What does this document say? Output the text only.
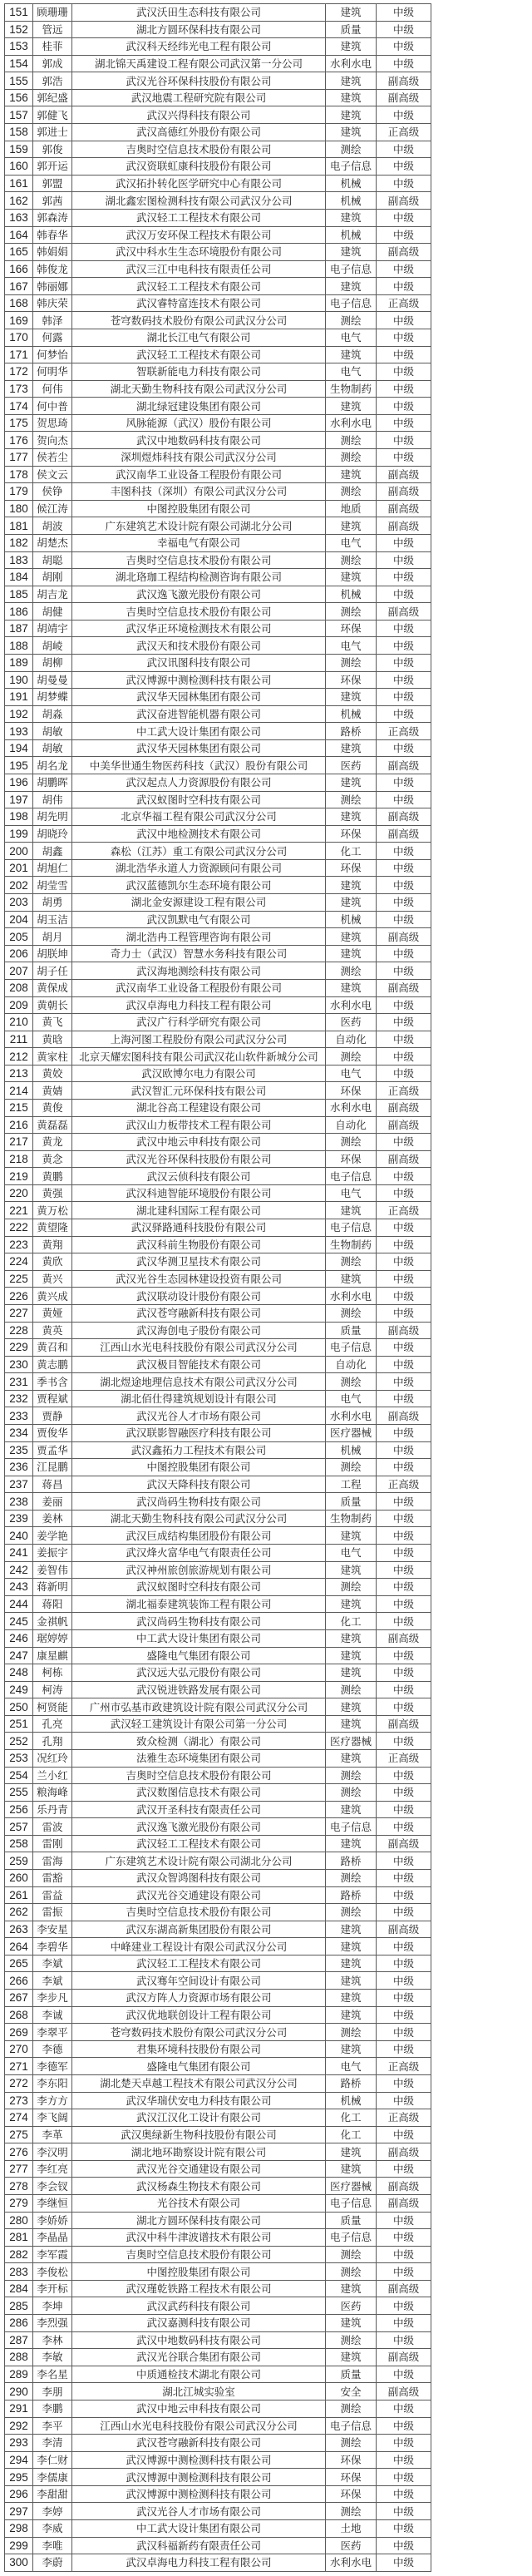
151	顾珊珊	武汉沃田生态科技有限公司	建筑	中级
152	管远	湖北方圆环保科技有限公司	质量	中级
153	桂菲	武汉科天经纬光电工程有限公司	建筑	中级
154	郭成	湖北锦天禹建设工程有限公司武汉第一分公司	水利水电	中级
155	郭浩	武汉光谷环保科技股份有限公司	建筑	副高级
156	郭纪盛	武汉地震工程研究院有限公司	建筑	副高级
157	郭健飞	武汉兴得科技有限公司	建筑	中级
158	郭进士	武汉高德红外股份有限公司	建筑	正高级
159	郭俊	吉奥时空信息技术股份有限公司	测绘	中级
160	郭开运	武汉资联虹康科技股份有限公司	电子信息	中级
161	郭盟	武汉拓扑转化医学研究中心有限公司	机械	中级
162	郭茜	湖北鑫宏图检测科技有限公司武汉分公司	机械	副高级
163	郭森涛	武汉轻工工程技术有限公司	建筑	中级
164	韩春华	武汉万安环保工程技术有限公司	机械	中级
165	韩娟娟	武汉中科水生生态环境股份有限公司	建筑	副高级
166	韩俊龙	武汉三江中电科技有限责任公司	电子信息	中级
167	韩丽娜	武汉轻工工程技术有限公司	建筑	中级
168	韩庆荣	武汉睿特富连技术有限公司	电子信息	正高级
169	韩泽	苍穹数码技术股份有限公司武汉分公司	测绘	中级
170	何露	湖北长江电气有限公司	电气	中级
171	何梦怡	武汉轻工工程技术有限公司	建筑	中级
172	何明华	智联新能电力科技有限公司	电气	中级
173	何伟	湖北天勤生物科技有限公司武汉分公司	生物制药	中级
174	何中普	湖北绿冠建设集团有限公司	建筑	中级
175	贺思琦	风脉能源（武汉）股份有限公司	水利水电	中级
176	贺向杰	武汉中地数码科技有限公司	测绘	中级
177	侯若尘	深圳煜炜科技有限公司武汉分公司	测绘	中级
178	侯文云	武汉南华工业设备工程股份有限公司	建筑	副高级
179	侯铮	丰图科技（深圳）有限公司武汉分公司	测绘	副高级
180	候江涛	中图控股集团有限公司	地质	副高级
181	胡波	广东建筑艺术设计院有限公司湖北分公司	建筑	副高级
182	胡楚杰	幸福电气有限公司	电气	中级
183	胡聪	吉奥时空信息技术股份有限公司	测绘	中级
184	胡刚	湖北珞珈工程结构检测咨询有限公司	建筑	中级
185	胡吉龙	武汉逸飞激光股份有限公司	机械	中级
186	胡健	吉奥时空信息技术股份有限公司	测绘	副高级
187	胡靖宇	武汉华正环境检测技术有限公司	环保	中级
188	胡崚	武汉天和技术股份有限公司	电气	中级
189	胡柳	武汉讯图科技有限公司	测绘	中级
190	胡曼曼	武汉博源中测检测科技有限公司	环保	中级
191	胡梦蝶	武汉华天园林集团有限公司	建筑	中级
192	胡淼	武汉奋进智能机器有限公司	机械	中级
193	胡敏	中工武大设计集团有限公司	路桥	正高级
194	胡敏	武汉华天园林集团有限公司	建筑	中级
195	胡名龙	中美华世通生物医药科技（武汉）股份有限公司	医药	副高级
196	胡鹏晖	武汉起点人力资源股份有限公司	建筑	中级
197	胡伟	武汉蚁图时空科技有限公司	测绘	中级
198	胡先明	北京华福工程有限公司武汉分公司	建筑	副高级
199	胡晓玲	武汉中地检测技术有限公司	环保	副高级
200	胡鑫	森松（江苏）重工有限公司武汉分公司	化工	中级
201	胡旭仁	湖北浩华永道人力资源顾问有限公司	环保	中级
202	胡莹雪	武汉蓝德凯尔生态环境有限公司	建筑	中级
203	胡勇	湖北金安源建设工程有限公司	建筑	中级
204	胡玉洁	武汉凯默电气有限公司	机械	中级
205	胡月	湖北浩冉工程管理咨询有限公司	建筑	副高级
206	胡朕坤	奇力士（武汉）智慧水务科技有限公司	建筑	中级
207	胡子任	武汉海地测绘科技有限公司	测绘	中级
208	黄保成	武汉南华工业设备工程股份有限公司	建筑	副高级
209	黄朝长	武汉卓海电力科技工程有限公司	水利水电	中级
210	黄飞	武汉广行科学研究有限公司	医药	中级
211	黄晗	上海河图工程股份有限公司武汉分公司	自动化	中级
212	黄家柱	北京天耀宏图科技有限公司武汉花山软件新城分公司	测绘	中级
213	黄姣	武汉欧博尔电力有限公司	电气	中级
214	黄婧	武汉智汇元环保科技有限公司	环保	正高级
215	黄俊	湖北谷高工程建设有限公司	水利水电	副高级
216	黄磊磊	武汉山力板带技术工程有限公司	自动化	副高级
217	黄龙	武汉中地云申科技有限公司	测绘	中级
218	黄念	武汉光谷环保科技股份有限公司	环保	副高级
219	黄鹏	武汉云侦科技有限公司	电子信息	中级
220	黄强	武汉科迪智能环境股份有限公司	电气	中级
221	黄万松	湖北建科国际工程有限公司	建筑	正高级
222	黄望隆	武汉驿路通科技股份有限公司	电子信息	中级
223	黄翔	武汉科前生物股份有限公司	生物制药	中级
224	黄欣	武汉华测卫星技术有限公司	测绘	中级
225	黄兴	武汉光谷生态园林建设投资有限公司	建筑	中级
226	黄兴成	武汉联动设计股份有限公司	水利水电	中级
227	黄娅	武汉苍穹融新科技有限公司	测绘	中级
228	黄英	武汉海创电子股份有限公司	质量	副高级
229	黄召和	江西山水光电科技股份有限公司武汉分公司	电子信息	中级
230	黄志鹏	武汉极目智能技术有限公司	自动化	中级
231	季书含	湖北煜途地理信息技术有限公司武汉分公司	测绘	中级
232	贾程斌	湖北佰仕得建筑规划设计有限公司	电气	中级
233	贾静	武汉光谷人才市场有限公司	水利水电	副高级
234	贾俊华	武汉联影智融医疗科技有限公司	医疗器械	中级
235	贾孟华	武汉鑫拓力工程技术有限公司	机械	中级
236	江昆鹏	中图控股集团有限公司	测绘	中级
237	蒋昌	武汉天降科技有限公司	工程	正高级
238	姜丽	武汉尚码生物科技有限公司	质量	中级
239	姜林	湖北天勤生物科技有限公司武汉分公司	生物制药	中级
240	姜学艳	武汉巨成结构集团股份有限公司	建筑	中级
241	姜振宇	武汉烽火富华电气有限责任公司	电气	中级
242	姜智伟	武汉神州旅创旅游规划有限公司	建筑	中级
243	蒋新明	武汉蚁图时空科技有限公司	测绘	中级
244	蒋阳	湖北福泰建筑装饰工程有限公司	建筑	中级
245	金祺帆	武汉尚码生物科技有限公司	化工	中级
246	琚婷婷	中工武大设计集团有限公司	建筑	副高级
247	康星麒	盛隆电气集团有限公司	建筑	中级
248	柯栋	武汉远大弘元股份有限公司	建筑	中级
249	柯涛	武汉锐进铁路发展有限公司	测绘	中级
250	柯贤能	广州市弘基市政建筑设计院有限公司武汉分公司	建筑	中级
251	孔亮	武汉轻工建筑设计有限公司第一分公司	建筑	副高级
252	孔翔	致众检测（湖北）有限公司	医疗器械	中级
253	况红玲	法雅生态环境集团有限公司	建筑	正高级
254	兰小红	吉奥时空信息技术股份有限公司	测绘	中级
255	粮海峰	武汉数图信息技术有限公司	测绘	中级
256	乐丹青	武汉开圣科技有限责任公司	建筑	中级
257	雷波	武汉逸飞激光股份有限公司	电子信息	中级
258	雷刚	武汉轻工工程技术有限公司	建筑	副高级
259	雷海	广东建筑艺术设计院有限公司湖北分公司	路桥	中级
260	雷豁	武汉众智鸿图科技有限公司	测绘	中级
261	雷益	武汉光谷交通建设有限公司	路桥	中级
262	雷振	吉奥时空信息技术股份有限公司	测绘	中级
263	李安星	武汉东湖高新集团股份有限公司	建筑	副高级
264	李碧华	中峰建业工程设计有限公司武汉分公司	建筑	中级
265	李斌	武汉轻工工程技术有限公司	建筑	中级
266	李斌	武汉骞年空间设计有限公司	建筑	中级
267	李步凡	武汉方阵人力资源市场有限公司	建筑	中级
268	李诚	武汉优地联创设计工程有限公司	建筑	中级
269	李翠平	苍穹数码技术股份有限公司武汉分公司	测绘	中级
270	李德	君集环境科技股份有限公司	建筑	中级
271	李德军	盛隆电气集团有限公司	电气	正高级
272	李东阳	湖北楚天卓越工程技术有限公司武汉分公司	路桥	中级
273	李方方	武汉华瑞伏安电力科技有限公司	机械	中级
274	李飞阔	武汉江汉化工设计有限公司	化工	正高级
275	李革	武汉奥绿新生物科技股份有限公司	化工	中级
276	李汉明	湖北地环勘察设计院有限公司	建筑	副高级
277	李红亮	武汉光谷交通建设有限公司	建筑	中级
278	李会钗	武汉杨森生物技术有限公司	医疗器械	副高级
279	李继恒	光谷技术有限公司	电子信息	副高级
280	李娇娇	湖北方圆环保科技有限公司	质量	中级
281	李晶晶	武汉中科牛津波谱技术有限公司	电子信息	中级
282	李军霞	吉奥时空信息技术股份有限公司	测绘	中级
283	李俊松	中图控股集团有限公司	测绘	中级
284	李开标	武汉瑾乾铁路工程技术有限公司	建筑	副高级
285	李坤	武汉武药科技有限公司	医药	中级
286	李烈强	武汉嘉测科技有限公司	建筑	中级
287	李林	武汉中地数码科技有限公司	测绘	中级
288	李敏	武汉光谷联合集团有限公司	建筑	副高级
289	李名星	中质通检技术湖北有限公司	质量	中级
290	李朋	湖北江城实验室	安全	副高级
291	李鹏	武汉中地云申科技有限公司	测绘	中级
292	李平	江西山水光电科技股份有限公司武汉分公司	电子信息	中级
293	李清	武汉苍穹融新科技有限公司	测绘	中级
294	李仁财	武汉博源中测检测科技有限公司	环保	中级
295	李儒康	武汉博源中测检测科技有限公司	环保	中级
296	李甜甜	武汉博源中测检测科技有限公司	环保	中级
297	李婷	武汉光谷人才市场有限公司	测绘	中级
298	李威	中工武大设计集团有限公司	土地	中级
299	李唯	武汉科福新药有限责任公司	医药	中级
300	李蔚	武汉卓海电力科技工程有限公司	水利水电	中级
